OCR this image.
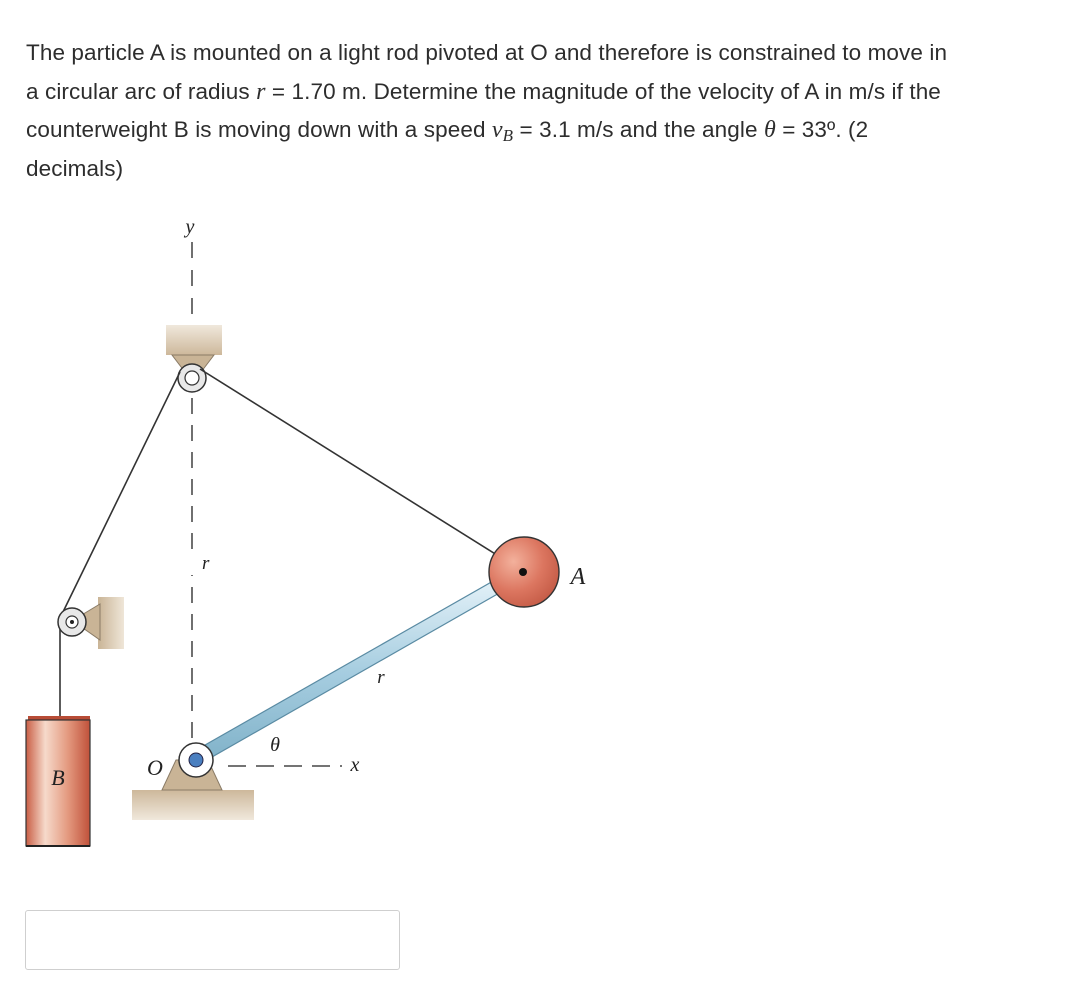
The particle A is mounted on a light rod pivoted at O and therefore is constrained to move in
a circular arc of radius r = 1.70 m. Determine the magnitude of the velocity of A in m/s if the
counterweight B is moving down with a speed $v_B = 3.1$ m/s and the angle θ = 33º. (2
decimals)
y
r
B	O	x
θ
r
A
